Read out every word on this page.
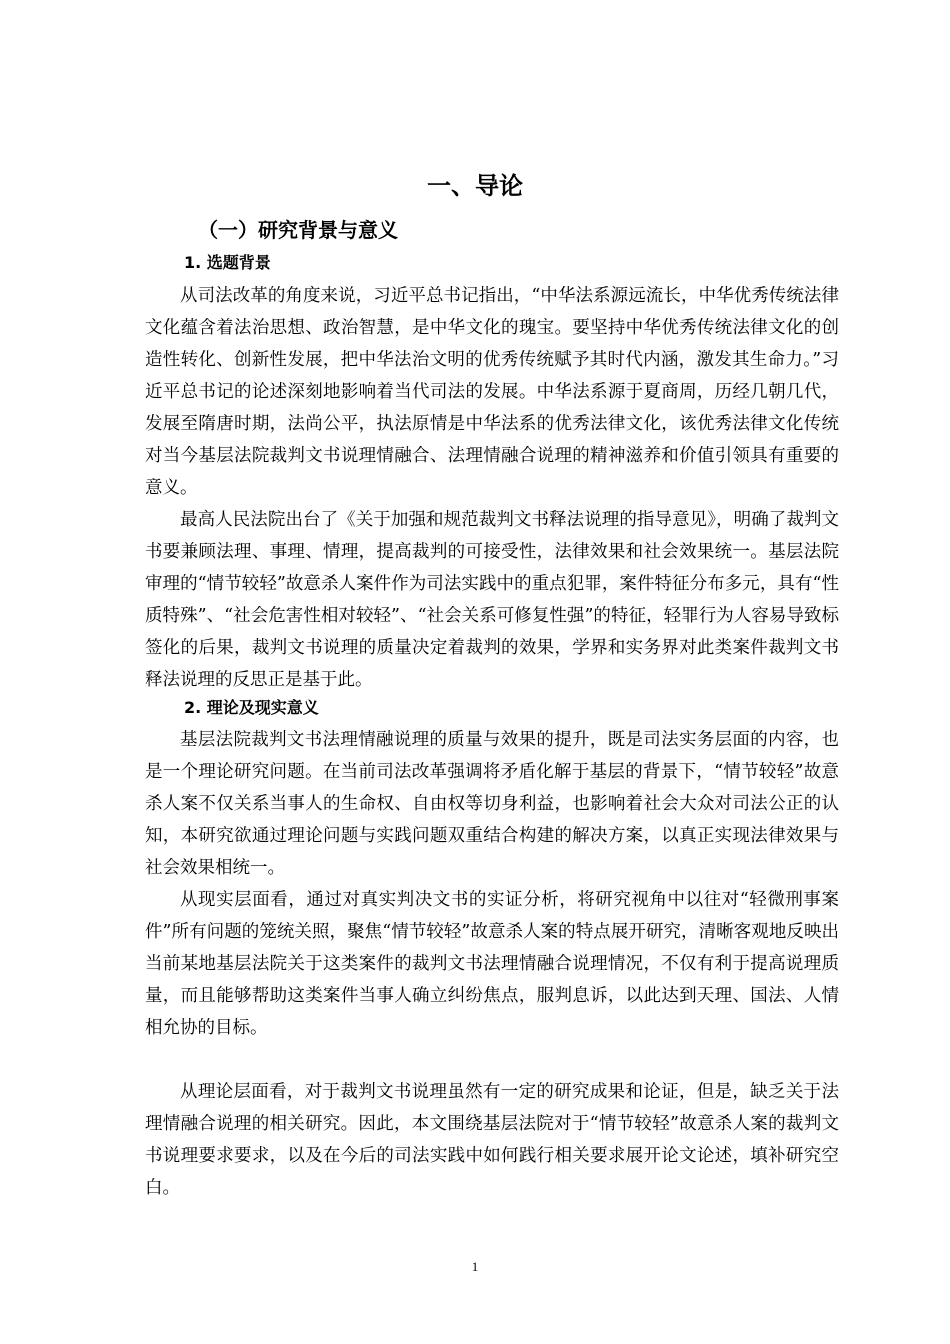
一、导论
（一）研究背景与意义
1. 选题背景

从司法改革的角度来说，习近平总书记指出，“中华法系源远流长，中华优秀传统法律文化蕴含着法治思想、政治智慧，是中华文化的瑰宝。要坚持中华优秀传统法律文化的创造性转化、创新性发展，把中华法治文明的优秀传统赋予其时代内涵，激发其生命力。”习近平总书记的论述深刻地影响着当代司法的发展。中华法系源于夏商周，历经几朝几代，发展至隋唐时期，法尚公平，执法原情是中华法系的优秀法律文化，该优秀法律文化传统对当今基层法院裁判文书说理情融合、法理情融合说理的精神滋养和价值引领具有重要的意义。

最高人民法院出台了《关于加强和规范裁判文书释法说理的指导意见》，明确了裁判文书要兼顾法理、事理、情理，提高裁判的可接受性，法律效果和社会效果统一。基层法院审理的“情节较轻”故意杀人案件作为司法实践中的重点犯罪，案件特征分布多元，具有“性质特殊”、“社会危害性相对较轻”、“社会关系可修复性强”的特征，轻罪行为人容易导致标签化的后果，裁判文书说理的质量决定着裁判的效果，学界和实务界对此类案件裁判文书释法说理的反思正是基于此。

2. 理论及现实意义

基层法院裁判文书法理情融说理的质量与效果的提升，既是司法实务层面的内容，也是一个理论研究问题。在当前司法改革强调将矛盾化解于基层的背景下，“情节较轻”故意杀人案不仅关系当事人的生命权、自由权等切身利益，也影响着社会大众对司法公正的认知，本研究欲通过理论问题与实践问题双重结合构建的解决方案，以真正实现法律效果与社会效果相统一。

从现实层面看，通过对真实判决文书的实证分析，将研究视角中以往对“轻微刑事案件”所有问题的笼统关照，聚焦“情节较轻”故意杀人案的特点展开研究，清晰客观地反映出当前某地基层法院关于这类案件的裁判文书法理情融合说理情况，不仅有利于提高说理质量，而且能够帮助这类案件当事人确立纠纷焦点，服判息诉，以此达到天理、国法、人情相允协的目标。

从理论层面看，对于裁判文书说理虽然有一定的研究成果和论证，但是，缺乏关于法理情融合说理的相关研究。因此，本文围绕基层法院对于“情节较轻”故意杀人案的裁判文书说理要求要求，以及在今后的司法实践中如何践行相关要求展开论文论述，填补研究空白。

1
